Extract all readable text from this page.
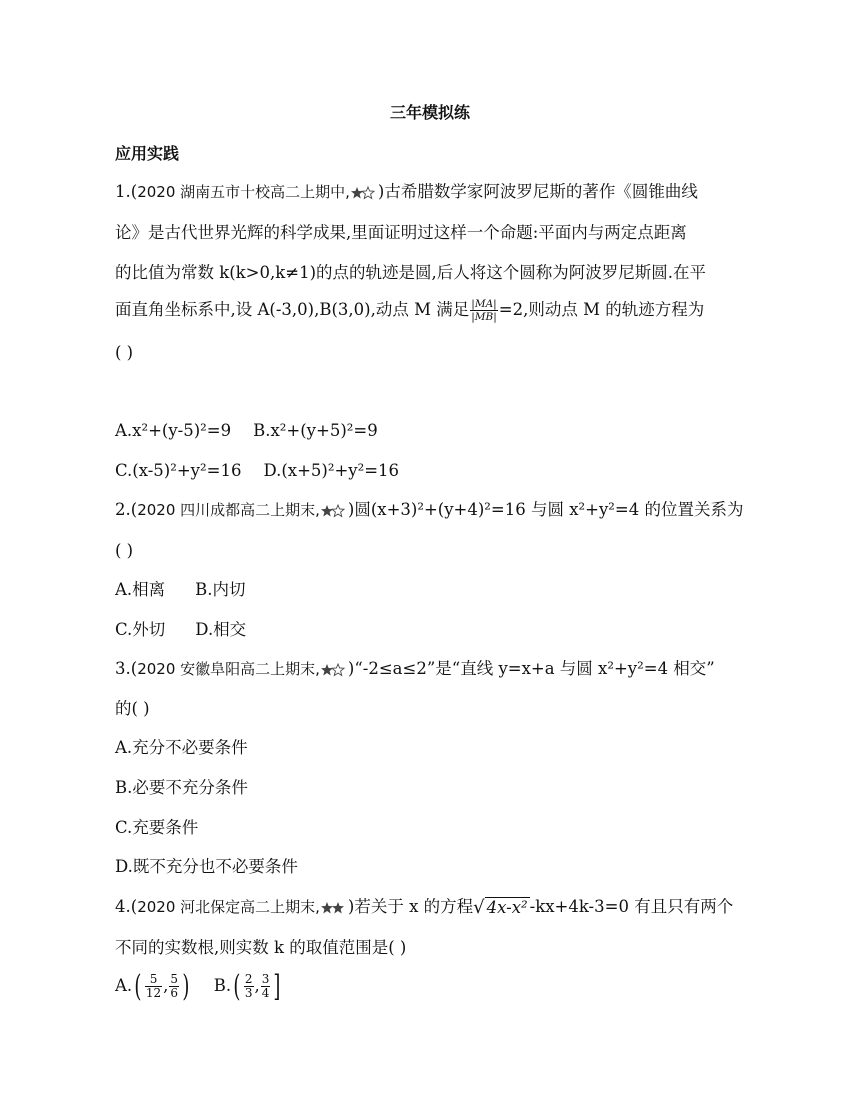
三年模拟练
应用实践
1.(2020 湖南五市十校高二上期中, )古希腊数学家阿波罗尼斯的著作《圆锥曲线
论》是古代世界光辉的科学成果,里面证明过这样一个命题:平面内与两定点距离
的比值为常数 k(k>0,k≠1)的点的轨迹是圆,后人将这个圆称为阿波罗尼斯圆.在平
面直角坐标系中,设 A(-3,0),B(3,0),动点 M 满足 $\frac{|MA|}{|MB|} =2$,则动点 M 的轨迹方程为
( )
A.x²+(y-5)²=9 B.x²+(y+5)²=9
C.(x-5)²+y²=16 D.(x+5)²+y²=16
2.(2020 四川成都高二上期末, )圆(x+3)²+(y+4)²=16 与圆 x²+y²=4 的位置关系为
( )
A.相离 B.内切
C.外切 D.相交
3.(2020 安徽阜阳高二上期末, )“-2≤a≤2”是“直线 y=x+a 与圆 x²+y²=4 相交”
的( )
A.充分不必要条件
B.必要不充分条件
C.充要条件
D.既不充分也不必要条件
4.(2020 河北保定高二上期末, )若关于 x 的方程√ 4x-x² -kx+4k-3=0 有且只有两个
不同的实数根,则实数 k 的取值范围是( )
$A.( \frac{5}{12}$ , $\frac{5}{6}$ ) $B.( \frac{2}{3}$ , $\frac{3}{4}$ ]
